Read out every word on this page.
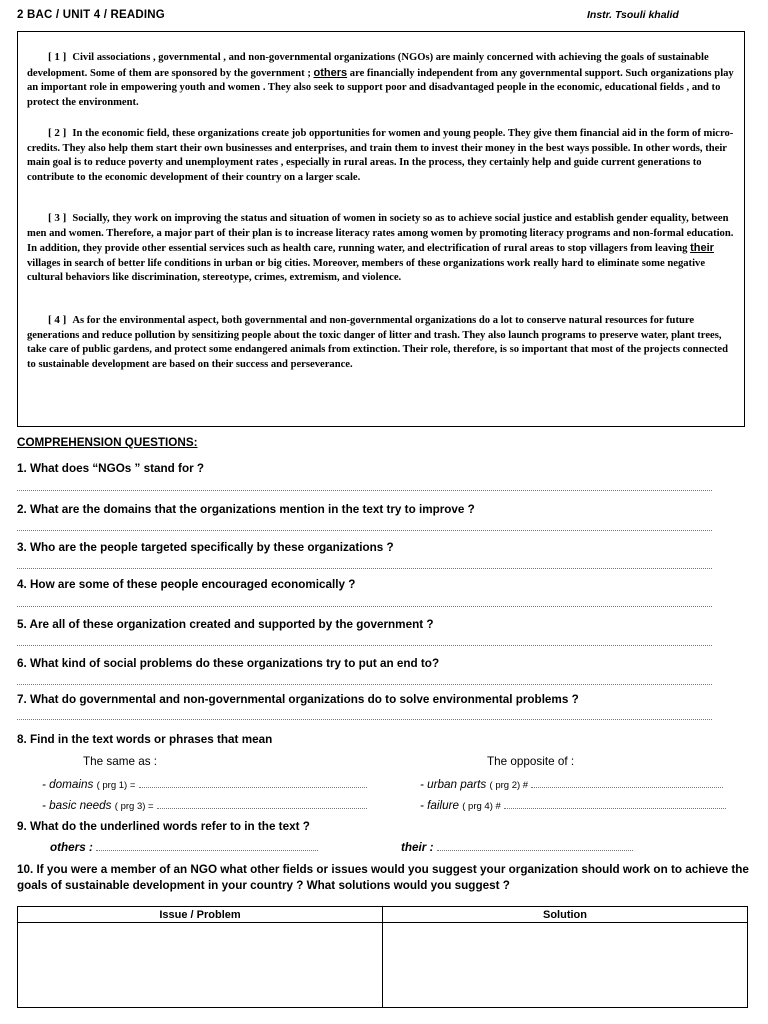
2 BAC / UNIT 4 / READING	Instr. Tsouli khalid

[ 1 ] Civil associations , governmental , and non-governmental organizations (NGOs) are mainly concerned with achieving the goals of sustainable development. Some of them are sponsored by the government ; others are financially independent from any governmental support. Such organizations play an important role in empowering youth and women . They also seek to support poor and disadvantaged people in the economic, educational fields , and to protect the environment.

[ 2 ] In the economic field, these organizations create job opportunities for women and young people. They give them financial aid in the form of micro-credits. They also help them start their own businesses and enterprises, and train them to invest their money in the best ways possible. In other words, their main goal is to reduce poverty and unemployment rates , especially in rural areas. In the process, they certainly help and guide current generations to contribute to the economic development of their country on a larger scale.

[ 3 ] Socially, they work on improving the status and situation of women in society so as to achieve social justice and establish gender equality, between men and women. Therefore, a major part of their plan is to increase literacy rates among women by promoting literacy programs and non-formal education. In addition, they provide other essential services such as health care, running water, and electrification of rural areas to stop villagers from leaving their villages in search of better life conditions in urban or big cities. Moreover, members of these organizations work really hard to eliminate some negative cultural behaviors like discrimination, stereotype, crimes, extremism, and violence.

[ 4 ] As for the environmental aspect, both governmental and non-governmental organizations do a lot to conserve natural resources for future generations and reduce pollution by sensitizing people about the toxic danger of litter and trash. They also launch programs to preserve water, plant trees, take care of public gardens, and protect some endangered animals from extinction. Their role, therefore, is so important that most of the projects connected to sustainable development are based on their success and perseverance.

COMPREHENSION QUESTIONS:
1. What does “NGOs ” stand for ?
2. What are the domains that the organizations mention in the text try to improve ?
3. Who are the people targeted specifically by these organizations ?
4. How are some of these people encouraged economically ?
5. Are all of these organization created and supported by the government ?
6. What kind of social problems do these organizations try to put an end to?
7. What do governmental and non-governmental organizations do to solve environmental problems ?
8. Find in the text words or phrases that mean
The same as :	The opposite of :
- domains ( prg 1) =	- urban parts ( prg 2) #
- basic needs ( prg 3) =	- failure ( prg 4) #
9. What do the underlined words refer to in the text ?
others :	their :
10. If you were a member of an NGO what other fields or issues would you suggest your organization should work on to achieve the goals of sustainable development in your country ? What solutions would you suggest ?
Issue / Problem	Solution
